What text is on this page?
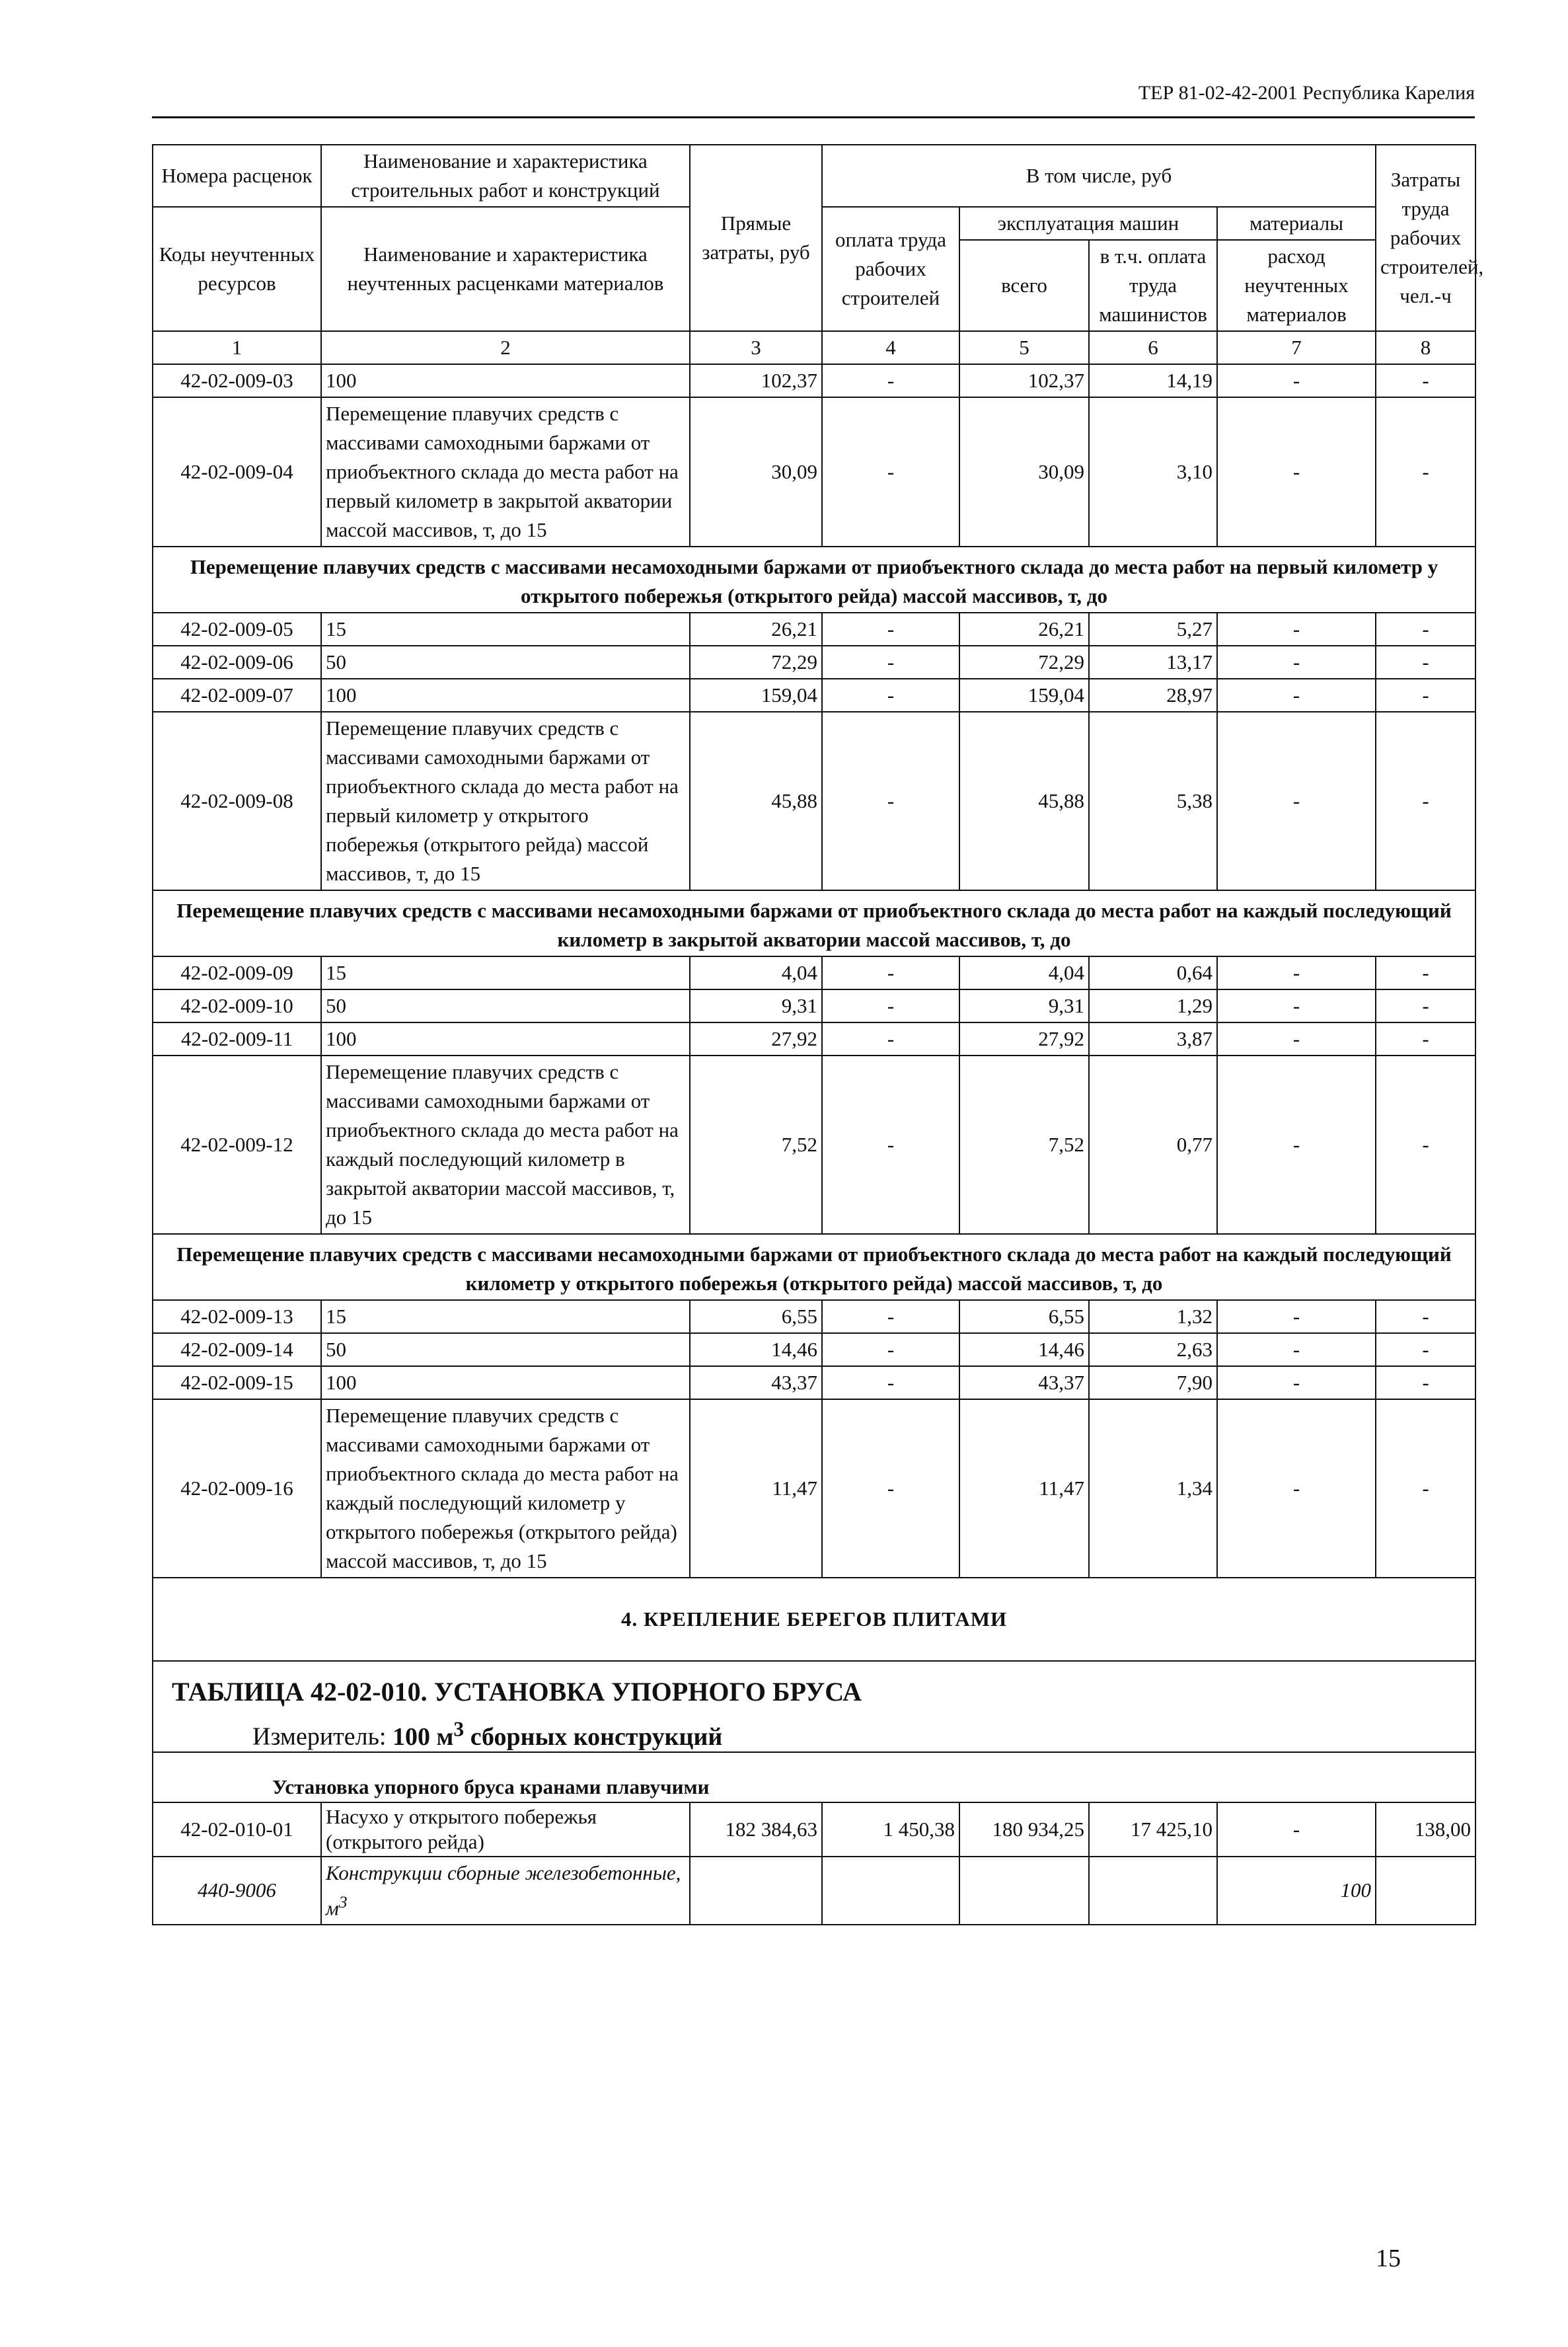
ТЕР 81-02-42-2001 Республика Карелия
Номера расценок	Наименование и характеристика строительных работ и конструкций	Прямые затраты, руб	В том числе, руб				Затраты труда рабочих строителей, чел.-ч
Коды неучтенных ресурсов	Наименование и характеристика неучтенных расценками материалов		оплата труда рабочих строителей	эксплуатация машин		материалы	
				всего	в т.ч. оплата труда машинистов	расход неучтенных материалов	

1	2	3	4	5	6	7	8
42-02-009-03	100	102,37	-	102,37	14,19	-	-
42-02-009-04	Перемещение плавучих средств с массивами самоходными баржами от приобъектного склада до места работ на первый километр в закрытой акватории массой массивов, т, до 15	30,09	-	30,09	3,10	-	-
Перемещение плавучих средств с массивами несамоходными баржами от приобъектного склада до места работ на первый километр у открытого побережья (открытого рейда) массой массивов, т, до							
42-02-009-05	15	26,21	-	26,21	5,27	-	-
42-02-009-06	50	72,29	-	72,29	13,17	-	-
42-02-009-07	100	159,04	-	159,04	28,97	-	-
42-02-009-08	Перемещение плавучих средств с массивами самоходными баржами от приобъектного склада до места работ на первый километр у открытого побережья (открытого рейда) массой массивов, т, до 15	45,88	-	45,88	5,38	-	-
Перемещение плавучих средств с массивами несамоходными баржами от приобъектного склада до места работ на каждый последующий километр в закрытой акватории массой массивов, т, до							
42-02-009-09	15	4,04	-	4,04	0,64	-	-
42-02-009-10	50	9,31	-	9,31	1,29	-	-
42-02-009-11	100	27,92	-	27,92	3,87	-	-
42-02-009-12	Перемещение плавучих средств с массивами самоходными баржами от приобъектного склада до места работ на каждый последующий километр в закрытой акватории массой массивов, т, до 15	7,52	-	7,52	0,77	-	-
Перемещение плавучих средств с массивами несамоходными баржами от приобъектного склада до места работ на каждый последующий километр у открытого побережья (открытого рейда) массой массивов, т, до							
42-02-009-13	15	6,55	-	6,55	1,32	-	-
42-02-009-14	50	14,46	-	14,46	2,63	-	-
42-02-009-15	100	43,37	-	43,37	7,90	-	-
42-02-009-16	Перемещение плавучих средств с массивами самоходными баржами от приобъектного склада до места работ на каждый последующий километр у открытого побережья (открытого рейда) массой массивов, т, до 15	11,47	-	11,47	1,34	-	-
4. КРЕПЛЕНИЕ БЕРЕГОВ ПЛИТАМИ							

ТАБЛИЦА 42-02-010. УСТАНОВКА УПОРНОГО БРУСА
Измеритель: 100 $м^3$ сборных конструкций							

Установка упорного бруса кранами плавучими							
42-02-010-01	Насухо у открытого побережья (открытого рейда)	182 384,63	1 450,38	180 934,25	17 425,10	-	138,00
440-9006	Конструкции сборные железобетонные, $м^3$					100	
15
